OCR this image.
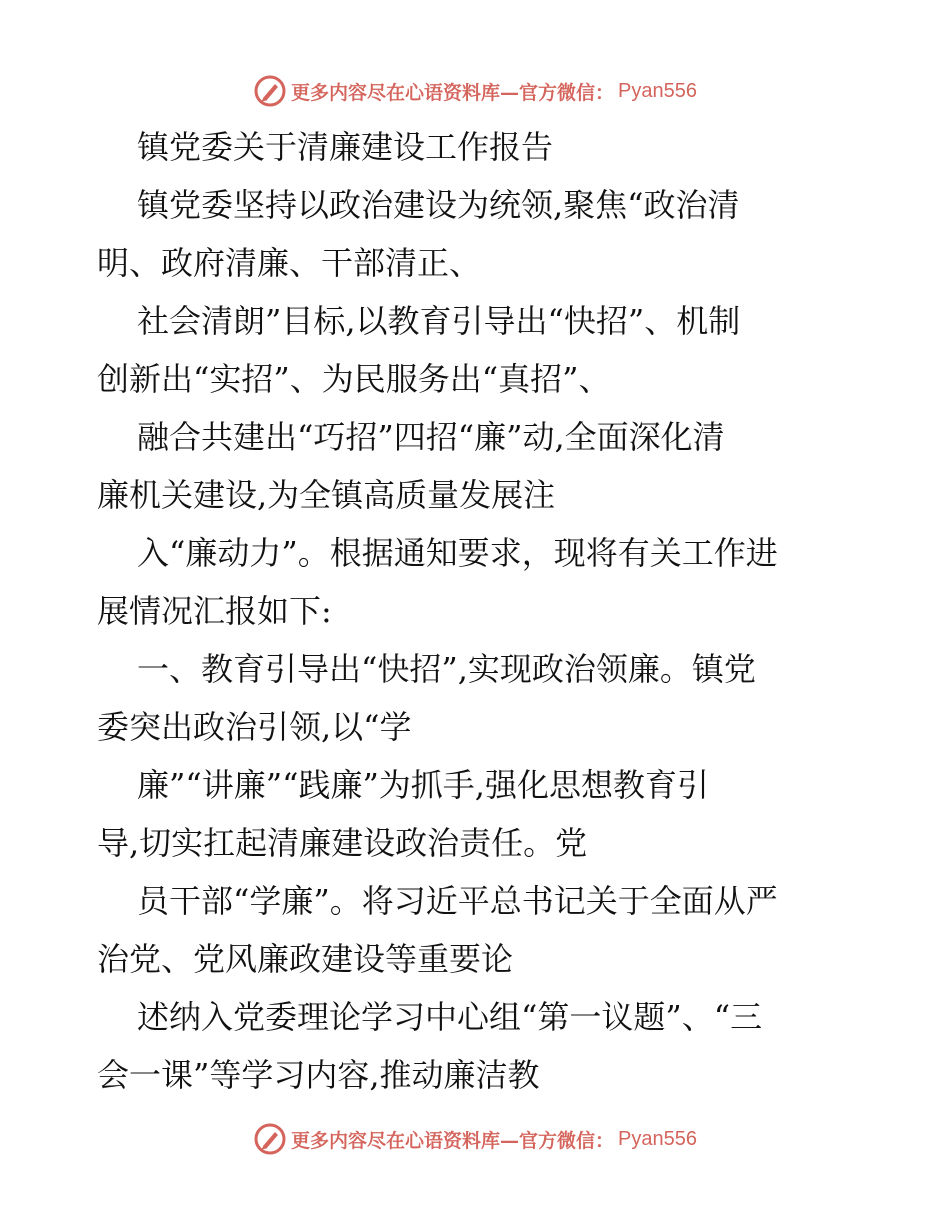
更多内容尽在心语资料库—官方微信： Pyan556
镇党委关于清廉建设工作报告
镇党委坚持以政治建设为统领,聚焦“政治清
明、政府清廉、干部清正、
社会清朗”目标,以教育引导出“快招”、机制
创新出“实招”、为民服务出“真招”、
融合共建出“巧招”四招“廉”动,全面深化清
廉机关建设,为全镇高质量发展注
入“廉动力”。根据通知要求，现将有关工作进
展情况汇报如下:
一、教育引导出“快招”,实现政治领廉。镇党
委突出政治引领,以“学
廉”“讲廉”“践廉”为抓手,强化思想教育引
导,切实扛起清廉建设政治责任。党
员干部“学廉”。将习近平总书记关于全面从严
治党、党风廉政建设等重要论
述纳入党委理论学习中心组“第一议题”、“三
会一课”等学习内容,推动廉洁教
更多内容尽在心语资料库—官方微信： Pyan556
